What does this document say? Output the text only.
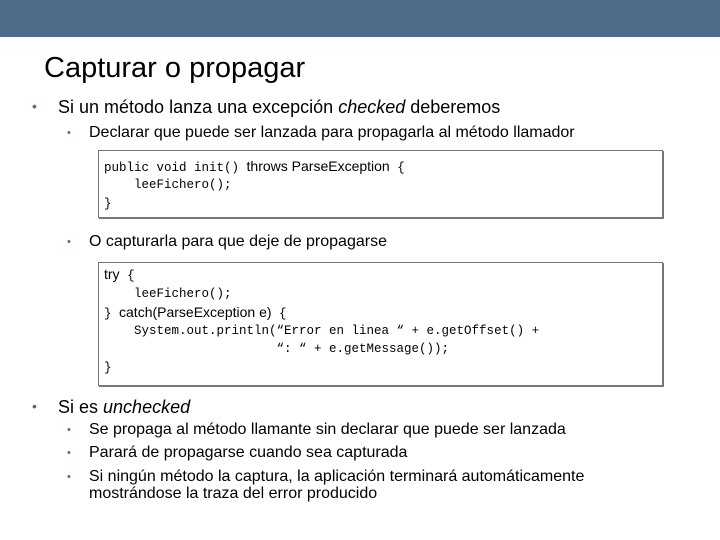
Capturar o propagar
• Si un método lanza una excepción checked deberemos
• Declarar que puede ser lanzada para propagarla al método llamador
public void init() throws ParseException {
leeFichero();
}
• O capturarla para que deje de propagarse
try {
leeFichero();
} catch(ParseException e) {
System.out.println(“Error en linea “ + e.getOffset() +
“: “ + e.getMessage());
}
• Si es unchecked
• Se propaga al método llamante sin declarar que puede ser lanzada
• Parará de propagarse cuando sea capturada
• Si ningún método la captura, la aplicación terminará automáticamente
mostrándose la traza del error producido
